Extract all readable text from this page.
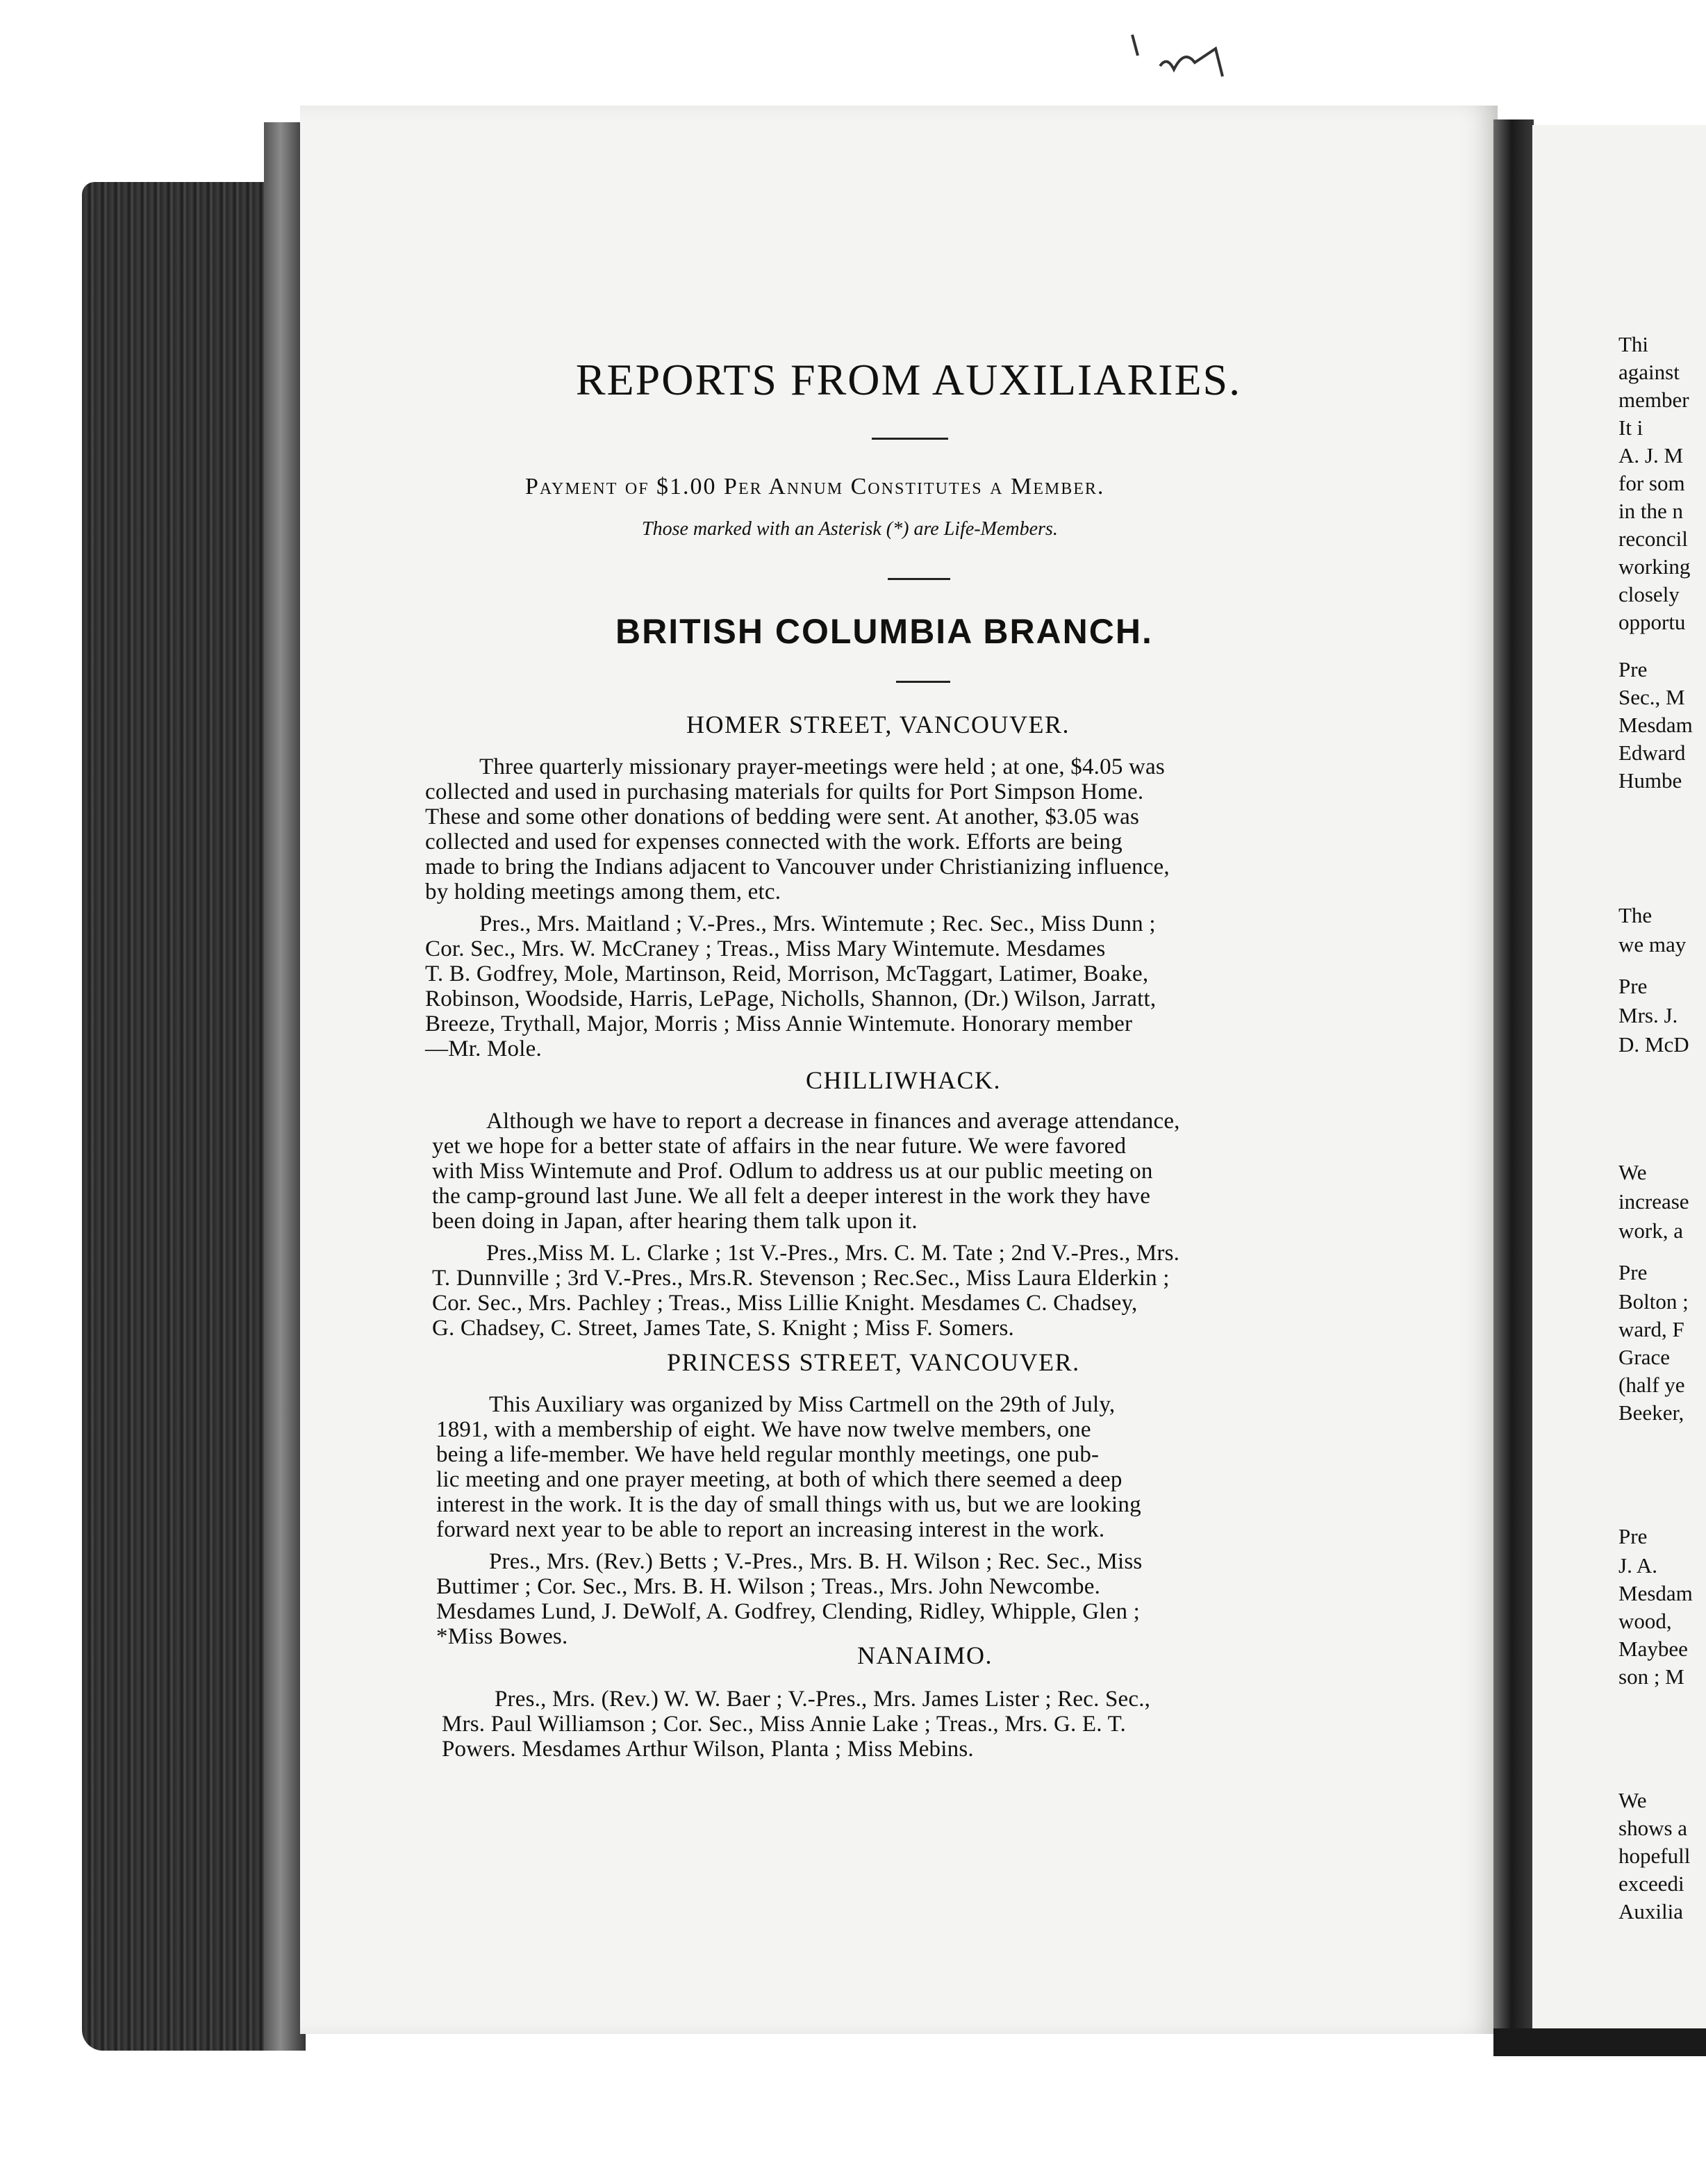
REPORTS FROM AUXILIARIES.

Payment of $1.00 Per Annum Constitutes a Member.

Those marked with an Asterisk (*) are Life-Members.

BRITISH COLUMBIA BRANCH.

HOMER STREET, VANCOUVER.

Three quarterly missionary prayer-meetings were held ; at one, $4.05 was

collected and used in purchasing materials for quilts for Port Simpson Home.

These and some other donations of bedding were sent. At another, $3.05 was

collected and used for expenses connected with the work. Efforts are being

made to bring the Indians adjacent to Vancouver under Christianizing influence,

by holding meetings among them, etc.

Pres., Mrs. Maitland ; V.-Pres., Mrs. Wintemute ; Rec. Sec., Miss Dunn ;

Cor. Sec., Mrs. W. McCraney ; Treas., Miss Mary Wintemute. Mesdames

T. B. Godfrey, Mole, Martinson, Reid, Morrison, McTaggart, Latimer, Boake,

Robinson, Woodside, Harris, LePage, Nicholls, Shannon, (Dr.) Wilson, Jarratt,

Breeze, Trythall, Major, Morris ; Miss Annie Wintemute. Honorary member

—Mr. Mole.

CHILLIWHACK.

Although we have to report a decrease in finances and average attendance,

yet we hope for a better state of affairs in the near future. We were favored

with Miss Wintemute and Prof. Odlum to address us at our public meeting on

the camp-ground last June. We all felt a deeper interest in the work they have

been doing in Japan, after hearing them talk upon it.

Pres.,Miss M. L. Clarke ; 1st V.-Pres., Mrs. C. M. Tate ; 2nd V.-Pres., Mrs.

T. Dunnville ; 3rd V.-Pres., Mrs.R. Stevenson ; Rec.Sec., Miss Laura Elderkin ;

Cor. Sec., Mrs. Pachley ; Treas., Miss Lillie Knight. Mesdames C. Chadsey,

G. Chadsey, C. Street, James Tate, S. Knight ; Miss F. Somers.

PRINCESS STREET, VANCOUVER.

This Auxiliary was organized by Miss Cartmell on the 29th of July,

1891, with a membership of eight. We have now twelve members, one

being a life-member. We have held regular monthly meetings, one pub-

lic meeting and one prayer meeting, at both of which there seemed a deep

interest in the work. It is the day of small things with us, but we are looking

forward next year to be able to report an increasing interest in the work.

Pres., Mrs. (Rev.) Betts ; V.-Pres., Mrs. B. H. Wilson ; Rec. Sec., Miss

Buttimer ; Cor. Sec., Mrs. B. H. Wilson ; Treas., Mrs. John Newcombe.

Mesdames Lund, J. DeWolf, A. Godfrey, Clending, Ridley, Whipple, Glen ;

*Miss Bowes.

NANAIMO.

Pres., Mrs. (Rev.) W. W. Baer ; V.-Pres., Mrs. James Lister ; Rec. Sec.,

Mrs. Paul Williamson ; Cor. Sec., Miss Annie Lake ; Treas., Mrs. G. E. T.

Powers. Mesdames Arthur Wilson, Planta ; Miss Mebins.

Thi

against

member

It i

A. J. M

for som

in the n

reconcil

working

closely

opportu

Pre

Sec., M

Mesdam

Edward

Humbe

The

we may

Pre

Mrs. J.

D. McD

We

increase

work, a

Pre

Bolton ;

ward, F

Grace

(half ye

Beeker,

Pre

J. A.

Mesdam

wood,

Maybee

son ; M

We

shows a

hopefull

exceedi

Auxilia
